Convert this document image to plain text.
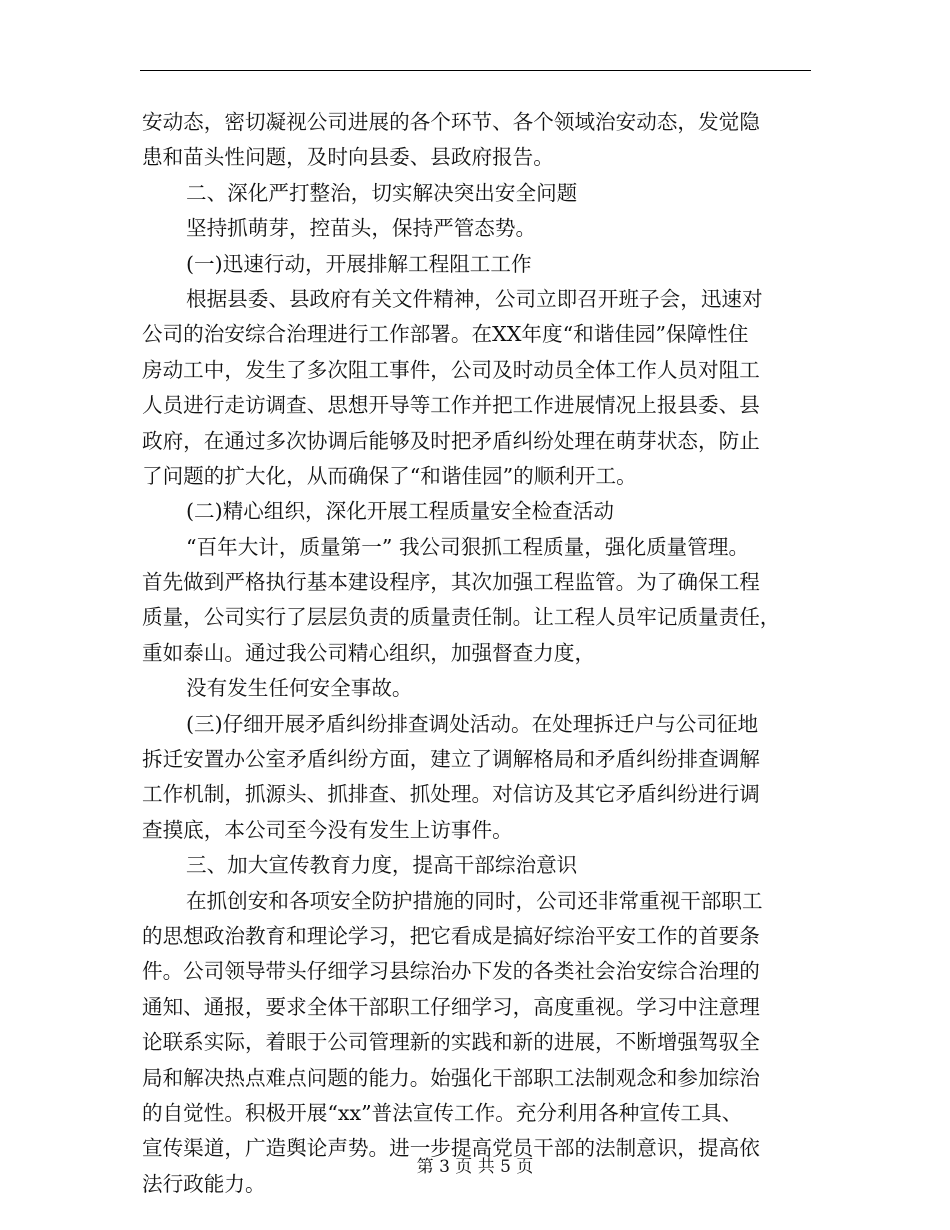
安动态，密切凝视公司进展的各个环节、各个领域治安动态，发觉隐
患和苗头性问题，及时向县委、县政府报告。
二、深化严打整治，切实解决突出安全问题
坚持抓萌芽，控苗头，保持严管态势。
(一)迅速行动，开展排解工程阻工工作
根据县委、县政府有关文件精神，公司立即召开班子会，迅速对
公司的治安综合治理进行工作部署。在XX年度“和谐佳园”保障性住
房动工中，发生了多次阻工事件，公司及时动员全体工作人员对阻工
人员进行走访调查、思想开导等工作并把工作进展情况上报县委、县
政府，在通过多次协调后能够及时把矛盾纠纷处理在萌芽状态，防止
了问题的扩大化，从而确保了“和谐佳园”的顺利开工。
(二)精心组织，深化开展工程质量安全检查活动
“百年大计，质量第一” 我公司狠抓工程质量，强化质量管理。
首先做到严格执行基本建设程序，其次加强工程监管。为了确保工程
质量，公司实行了层层负责的质量责任制。让工程人员牢记质量责任，
重如泰山。通过我公司精心组织，加强督查力度，
没有发生任何安全事故。
(三)仔细开展矛盾纠纷排查调处活动。在处理拆迁户与公司征地
拆迁安置办公室矛盾纠纷方面，建立了调解格局和矛盾纠纷排查调解
工作机制，抓源头、抓排查、抓处理。对信访及其它矛盾纠纷进行调
查摸底，本公司至今没有发生上访事件。
三、加大宣传教育力度，提高干部综治意识
在抓创安和各项安全防护措施的同时，公司还非常重视干部职工
的思想政治教育和理论学习，把它看成是搞好综治平安工作的首要条
件。公司领导带头仔细学习县综治办下发的各类社会治安综合治理的
通知、通报，要求全体干部职工仔细学习，高度重视。学习中注意理
论联系实际，着眼于公司管理新的实践和新的进展，不断增强驾驭全
局和解决热点难点问题的能力。始强化干部职工法制观念和参加综治
的自觉性。积极开展“xx”普法宣传工作。充分利用各种宣传工具、
宣传渠道，广造舆论声势。进一步提高党员干部的法制意识，提高依
法行政能力。
第 3 页 共 5 页
